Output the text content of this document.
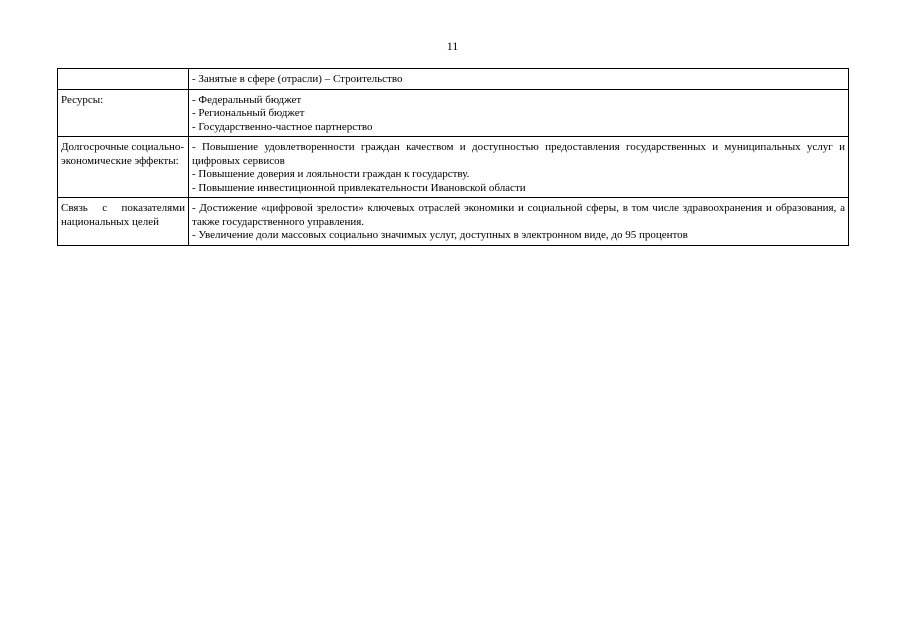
11

	- Занятые в сфере (отрасли) – Строительство

Ресурсы:	- Федеральный бюджет
- Региональный бюджет
- Государственно-частное партнерство

Долгосрочные социально-экономические эффекты:	- Повышение удовлетворенности граждан качеством и доступностью предоставления государственных и муниципальных услуг и цифровых сервисов
- Повышение доверия и лояльности граждан к государству.
- Повышение инвестиционной привлекательности Ивановской области

Связь с показателями национальных целей	- Достижение «цифровой зрелости» ключевых отраслей экономики и социальной сферы, в том числе здравоохранения и образования, а также государственного управления.
- Увеличение доли массовых социально значимых услуг, доступных в электронном виде, до 95 процентов
